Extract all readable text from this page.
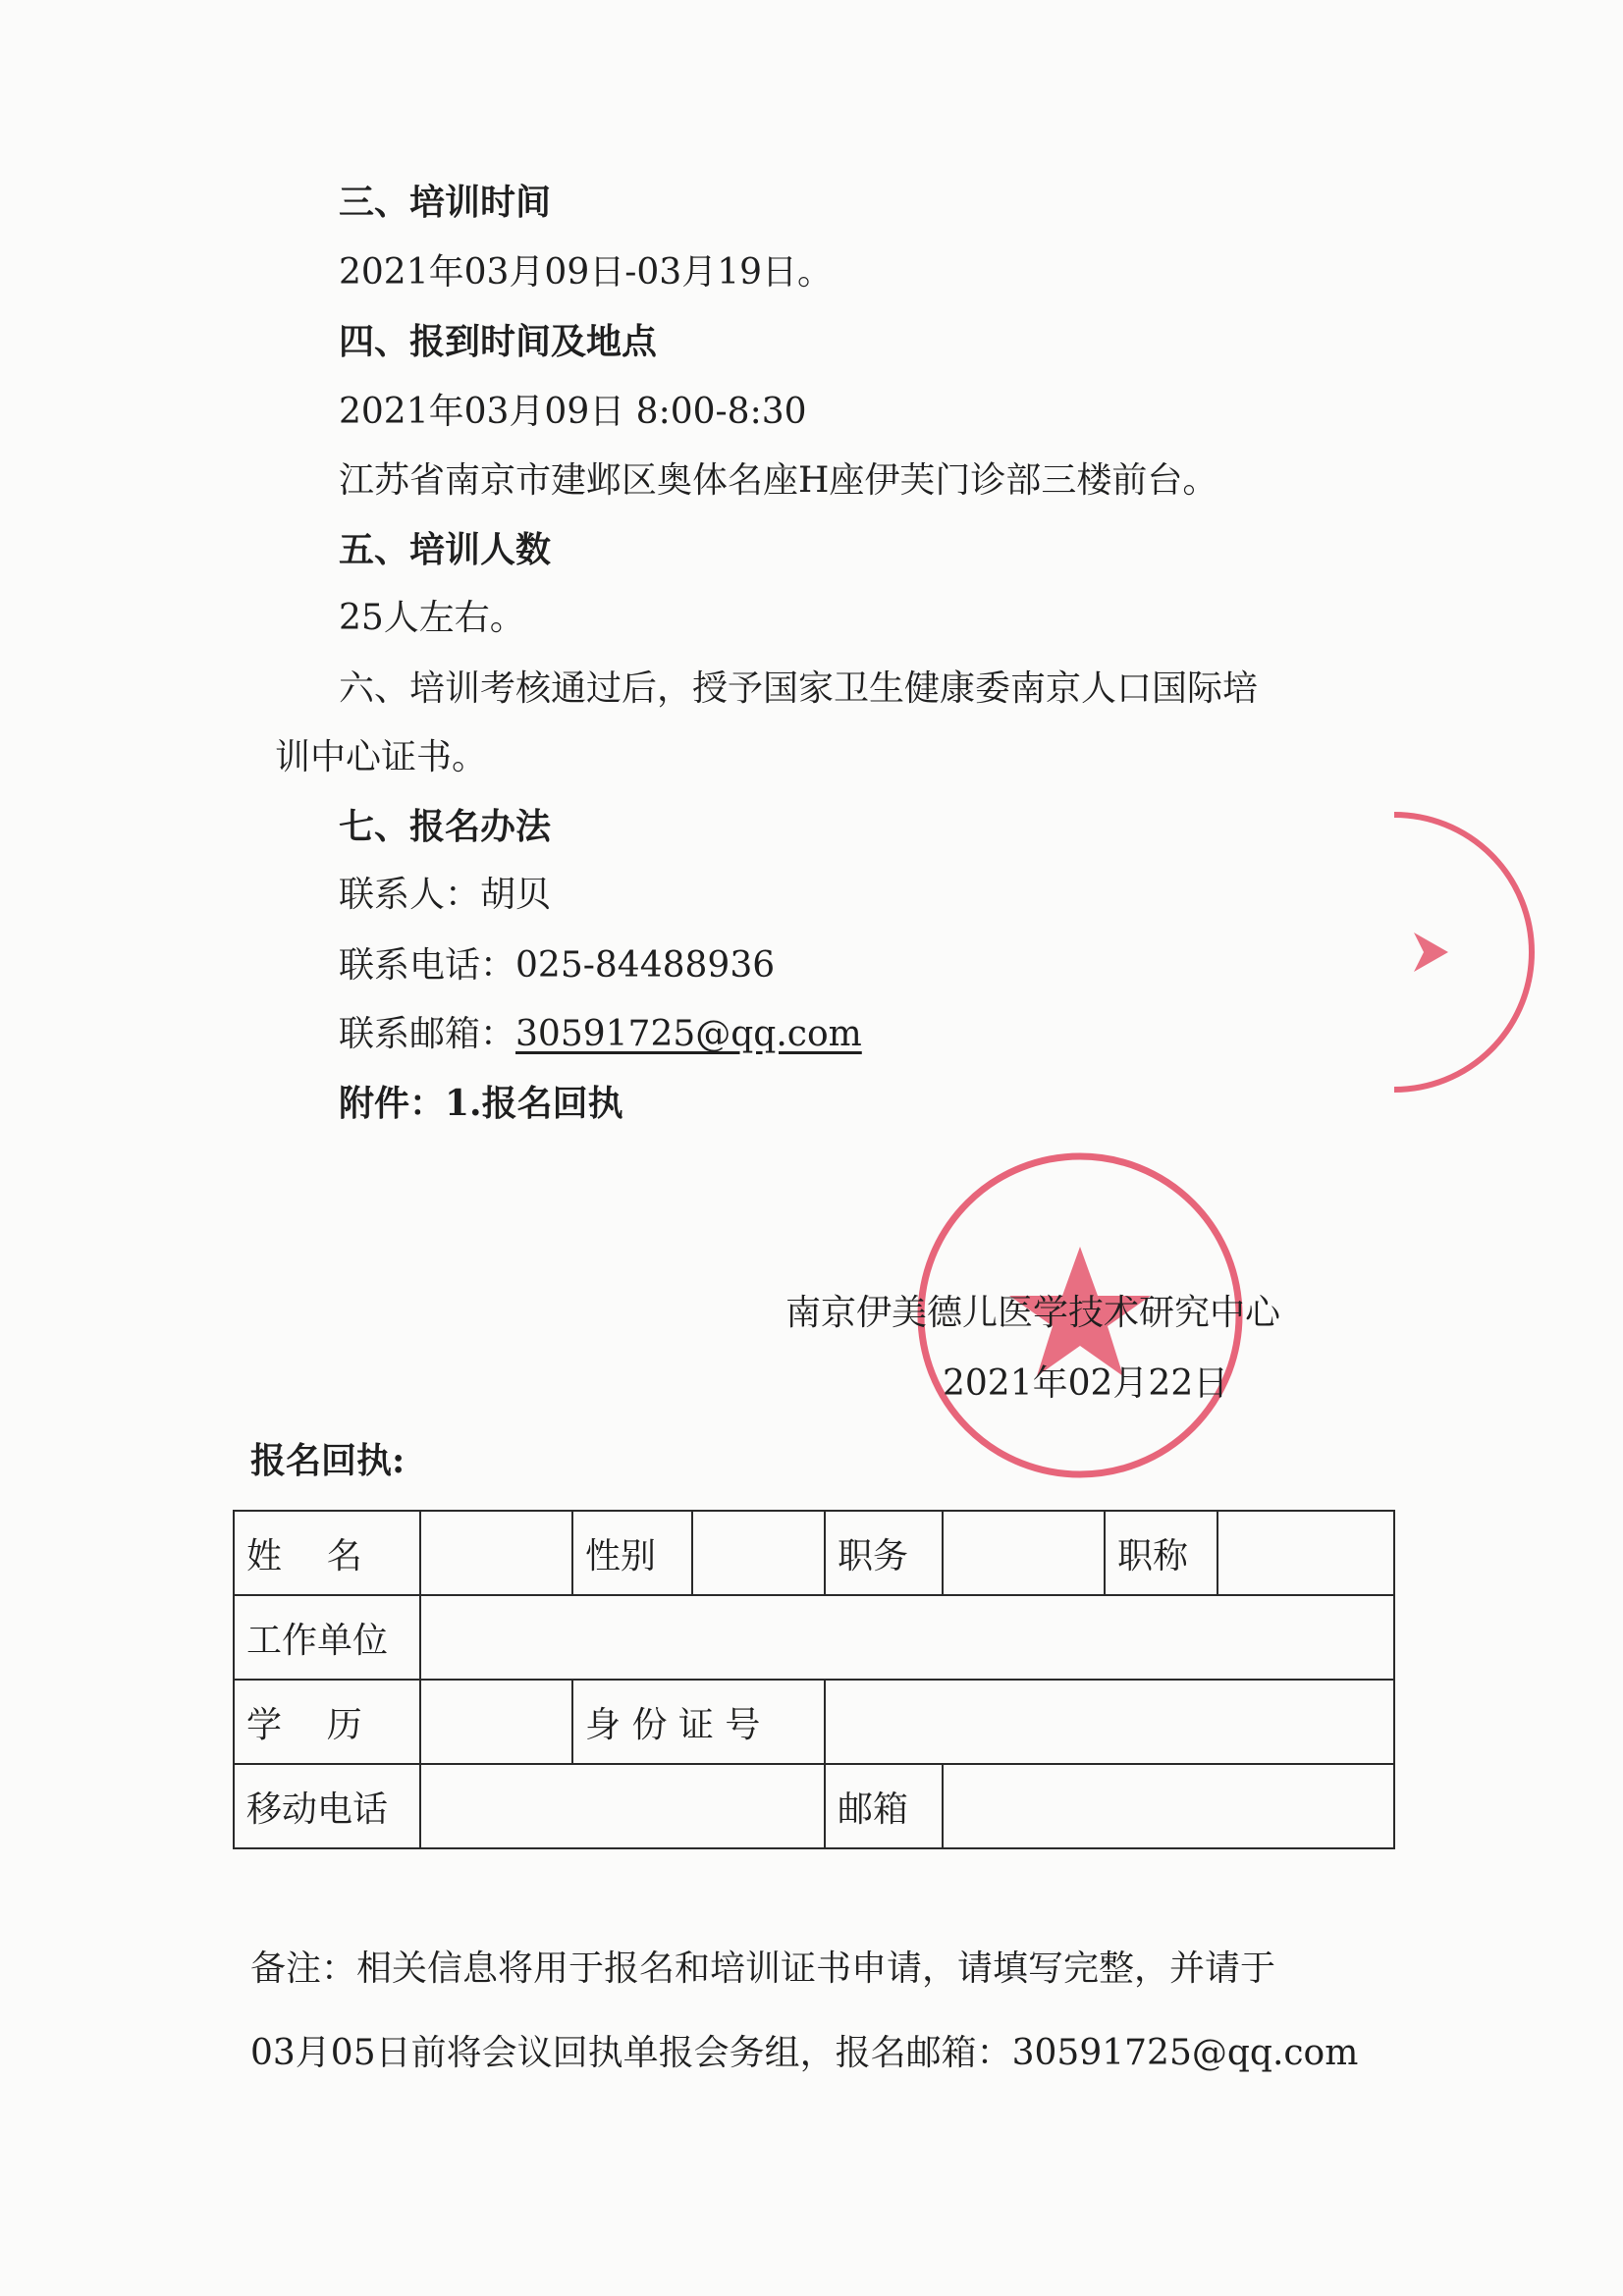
三、培训时间
2021年03月09日-03月19日。
四、报到时间及地点
2021年03月09日 8:00-8:30
江苏省南京市建邺区奥体名座H座伊芙门诊部三楼前台。
五、培训人数
25人左右。
六、培训考核通过后，授予国家卫生健康委南京人口国际培
训中心证书。
七、报名办法
联系人：胡贝
联系电话：025-84488936
联系邮箱：30591725@qq.com
附件：1.报名回执
南京伊美德儿医学技术研究中心
2021年02月22日
报名回执:
姓    名		性别		职务		职称	
工作单位							
学    历		身 份 证 号					
移动电话				邮箱			
备注：相关信息将用于报名和培训证书申请，请填写完整，并请于
03月05日前将会议回执单报会务组，报名邮箱：30591725@qq.com
